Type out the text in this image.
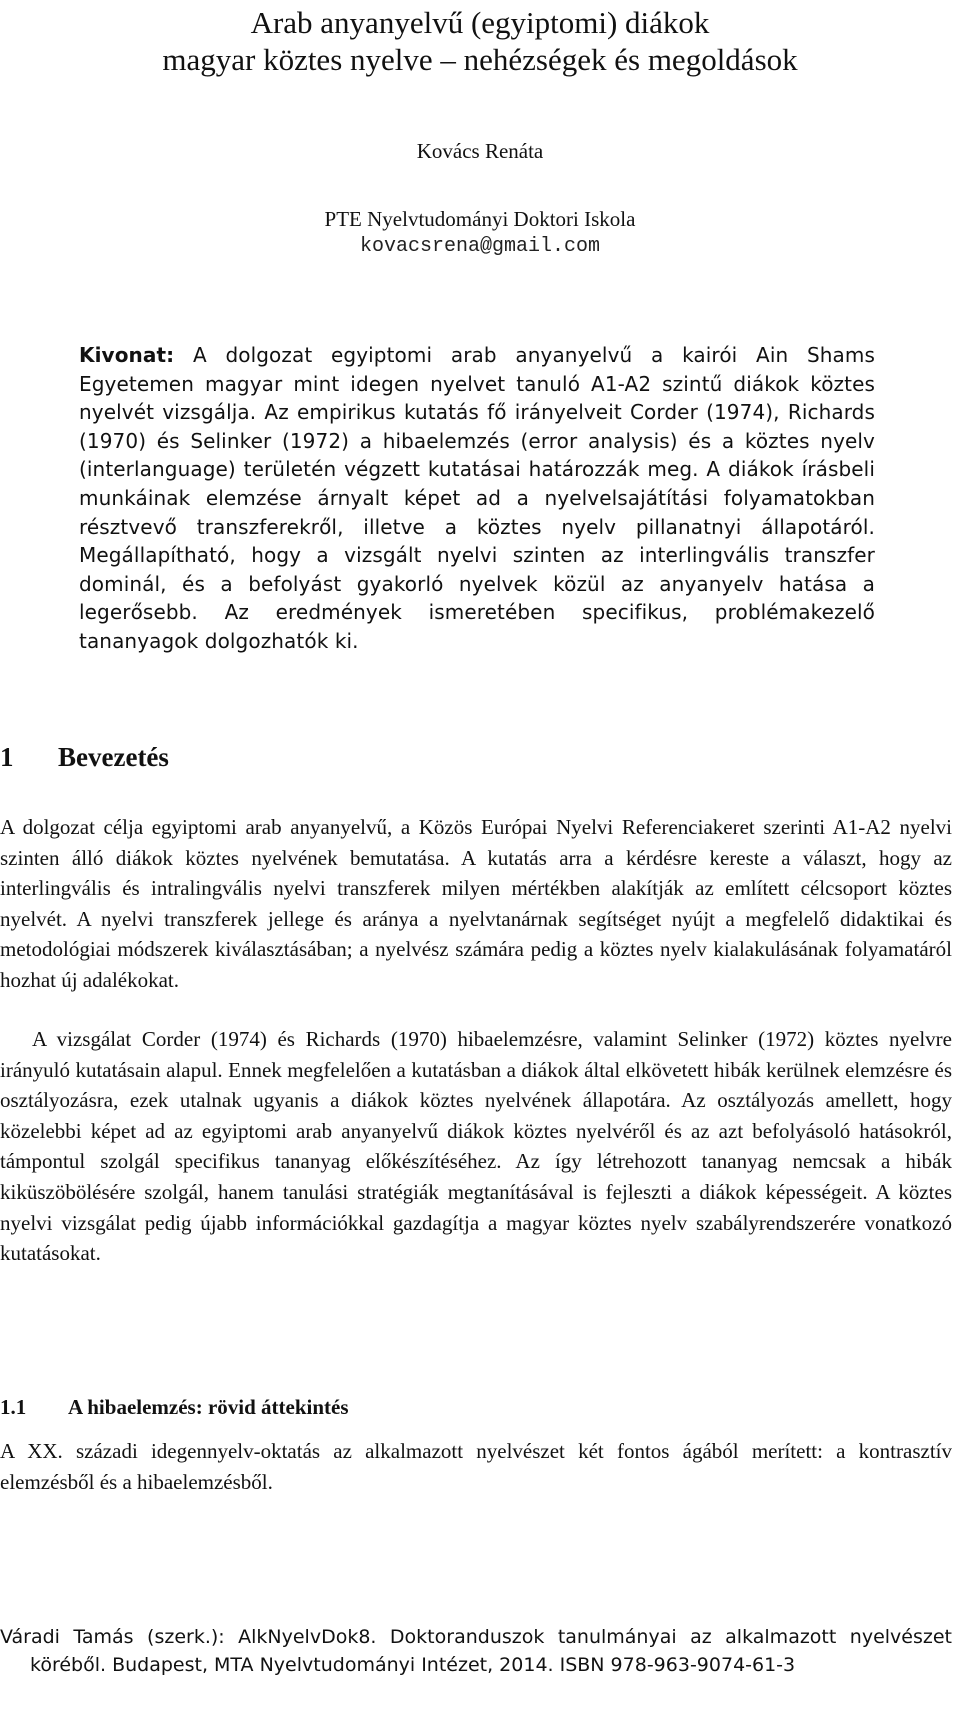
Arab anyanyelvű (egyiptomi) diákok
magyar köztes nyelve – nehézségek és megoldások
Kovács Renáta
PTE Nyelvtudományi Doktori Iskola
kovacsrena@gmail.com

Kivonat: A dolgozat egyiptomi arab anyanyelvű a kairói Ain Shams Egyetemen magyar mint idegen nyelvet tanuló A1-A2 szintű diákok köztes nyelvét vizsgálja. Az empirikus kutatás fő irányelveit Corder (1974), Richards (1970) és Selinker (1972) a hibaelemzés (error analysis) és a köztes nyelv (interlanguage) területén végzett kutatásai határozzák meg. A diákok írásbeli munkáinak elemzése árnyalt képet ad a nyelvelsajátítási folyamatokban résztvevő transzferekről, illetve a köztes nyelv pillanatnyi állapotáról. Megállapítható, hogy a vizsgált nyelvi szinten az interlingvális transzfer dominál, és a befolyást gyakorló nyelvek közül az anyanyelv hatása a legerősebb. Az eredmények ismeretében specifikus, problémakezelő tananyagok dolgozhatók ki.

1 Bevezetés

A dolgozat célja egyiptomi arab anyanyelvű, a Közös Európai Nyelvi Referenciakeret szerinti A1-A2 nyelvi szinten álló diákok köztes nyelvének bemutatása. A kutatás arra a kérdésre kereste a választ, hogy az interlingvális és intralingvális nyelvi transzferek milyen mértékben alakítják az említett célcsoport köztes nyelvét. A nyelvi transzferek jellege és aránya a nyelvtanárnak segítséget nyújt a megfelelő didaktikai és metodológiai módszerek kiválasztásában; a nyelvész számára pedig a köztes nyelv kialakulásának folyamatáról hozhat új adalékokat.

A vizsgálat Corder (1974) és Richards (1970) hibaelemzésre, valamint Selinker (1972) köztes nyelvre irányuló kutatásain alapul. Ennek megfelelően a kutatásban a diákok által elkövetett hibák kerülnek elemzésre és osztályozásra, ezek utalnak ugyanis a diákok köztes nyelvének állapotára. Az osztályozás amellett, hogy közelebbi képet ad az egyiptomi arab anyanyelvű diákok köztes nyelvéről és az azt befolyásoló hatásokról, támpontul szolgál specifikus tananyag előkészítéséhez. Az így létrehozott tananyag nemcsak a hibák kiküszöbölésére szolgál, hanem tanulási stratégiák megtanításával is fejleszti a diákok képességeit. A köztes nyelvi vizsgálat pedig újabb információkkal gazdagítja a magyar köztes nyelv szabályrendszerére vonatkozó kutatásokat.

1.1 A hibaelemzés: rövid áttekintés

A XX. századi idegennyelv-oktatás az alkalmazott nyelvészet két fontos ágából merített: a kontrasztív elemzésből és a hibaelemzésből.

Váradi Tamás (szerk.): AlkNyelvDok8. Doktoranduszok tanulmányai az alkalmazott nyelvészet köréből. Budapest, MTA Nyelvtudományi Intézet, 2014. ISBN 978-963-9074-61-3
